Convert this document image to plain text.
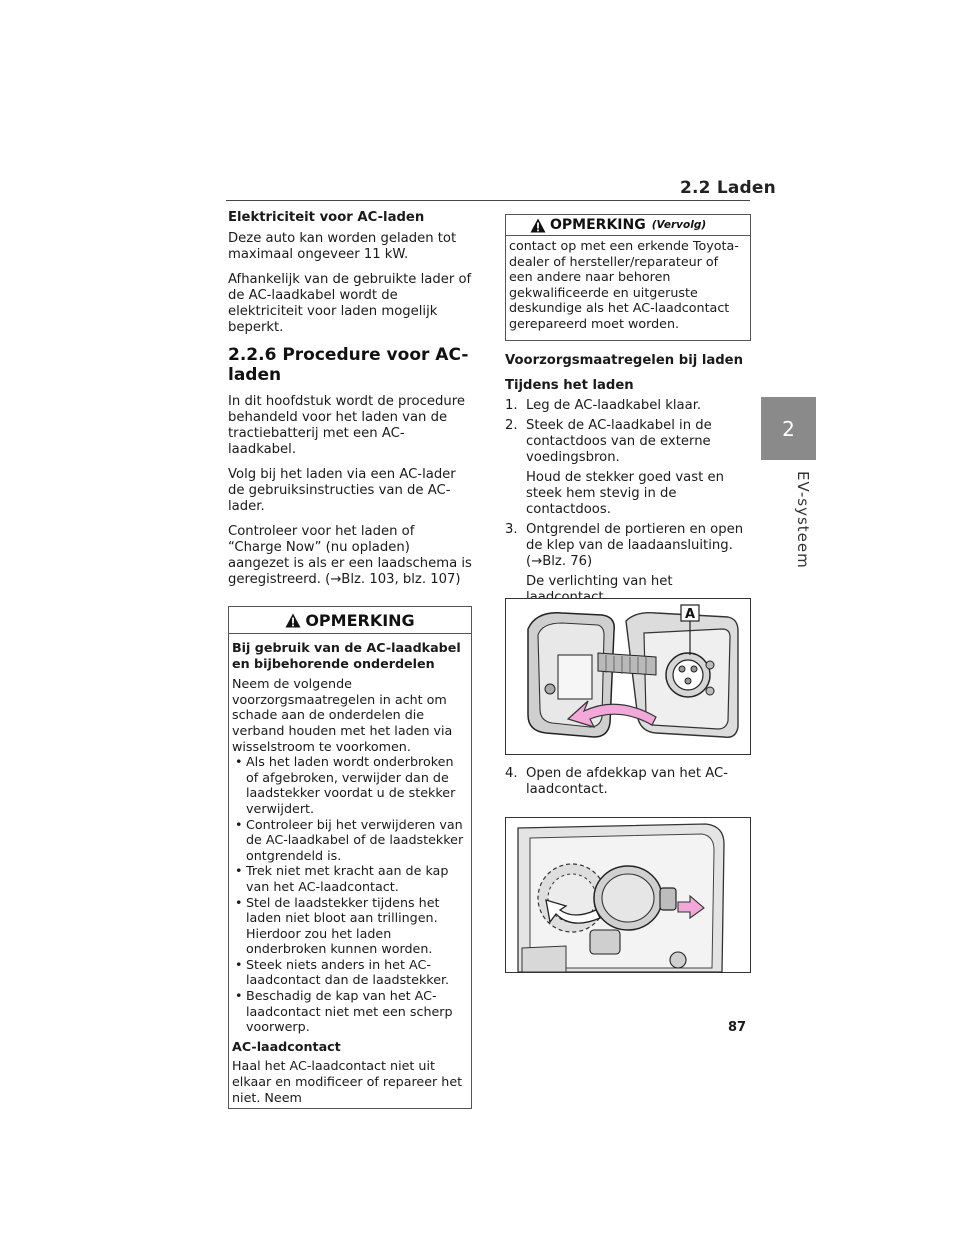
2.2 Laden
2
EV-systeem

Elektriciteit voor AC-laden

Deze auto kan worden geladen tot maximaal ongeveer 11 kW.

Afhankelijk van de gebruikte lader of de AC-laadkabel wordt de elektriciteit voor laden mogelijk beperkt.

2.2.6 Procedure voor AC-laden

In dit hoofdstuk wordt de procedure behandeld voor het laden van de tractiebatterij met een AC-laadkabel.

Volg bij het laden via een AC-lader de gebruiksinstructies van de AC-lader.

Controleer voor het laden of “Charge Now” (nu opladen) aangezet is als er een laadschema is geregistreerd. (→Blz. 103, blz. 107)

OPMERKING

Bij gebruik van de AC-laadkabel en bijbehorende onderdelen

Neem de volgende voorzorgsmaatregelen in acht om schade aan de onderdelen die verband houden met het laden via wisselstroom te voorkomen.

• Als het laden wordt onderbroken of afgebroken, verwijder dan de laadstekker voordat u de stekker verwijdert.
• Controleer bij het verwijderen van de AC-laadkabel of de laadstekker ontgrendeld is.
• Trek niet met kracht aan de kap van het AC-laadcontact.
• Stel de laadstekker tijdens het laden niet bloot aan trillingen. Hierdoor zou het laden onderbroken kunnen worden.
• Steek niets anders in het AC-laadcontact dan de laadstekker.
• Beschadig de kap van het AC-laadcontact niet met een scherp voorwerp.

AC-laadcontact

Haal het AC-laadcontact niet uit elkaar en modificeer of repareer het niet. Neem

OPMERKING (Vervolg)

contact op met een erkende Toyota-dealer of hersteller/reparateur of een andere naar behoren gekwalificeerde en uitgeruste deskundige als het AC-laadcontact gerepareerd moet worden.

Voorzorgsmaatregelen bij laden

Tijdens het laden

1. Leg de AC-laadkabel klaar.
2. Steek de AC-laadkabel in de contactdoos van de externe voedingsbron.
Houd de stekker goed vast en steek hem stevig in de contactdoos.
3. Ontgrendel de portieren en open de klep van de laadaansluiting. (→Blz. 76)
De verlichting van het

A
4. Open de afdekkap van het AC-laadcontact.
87
